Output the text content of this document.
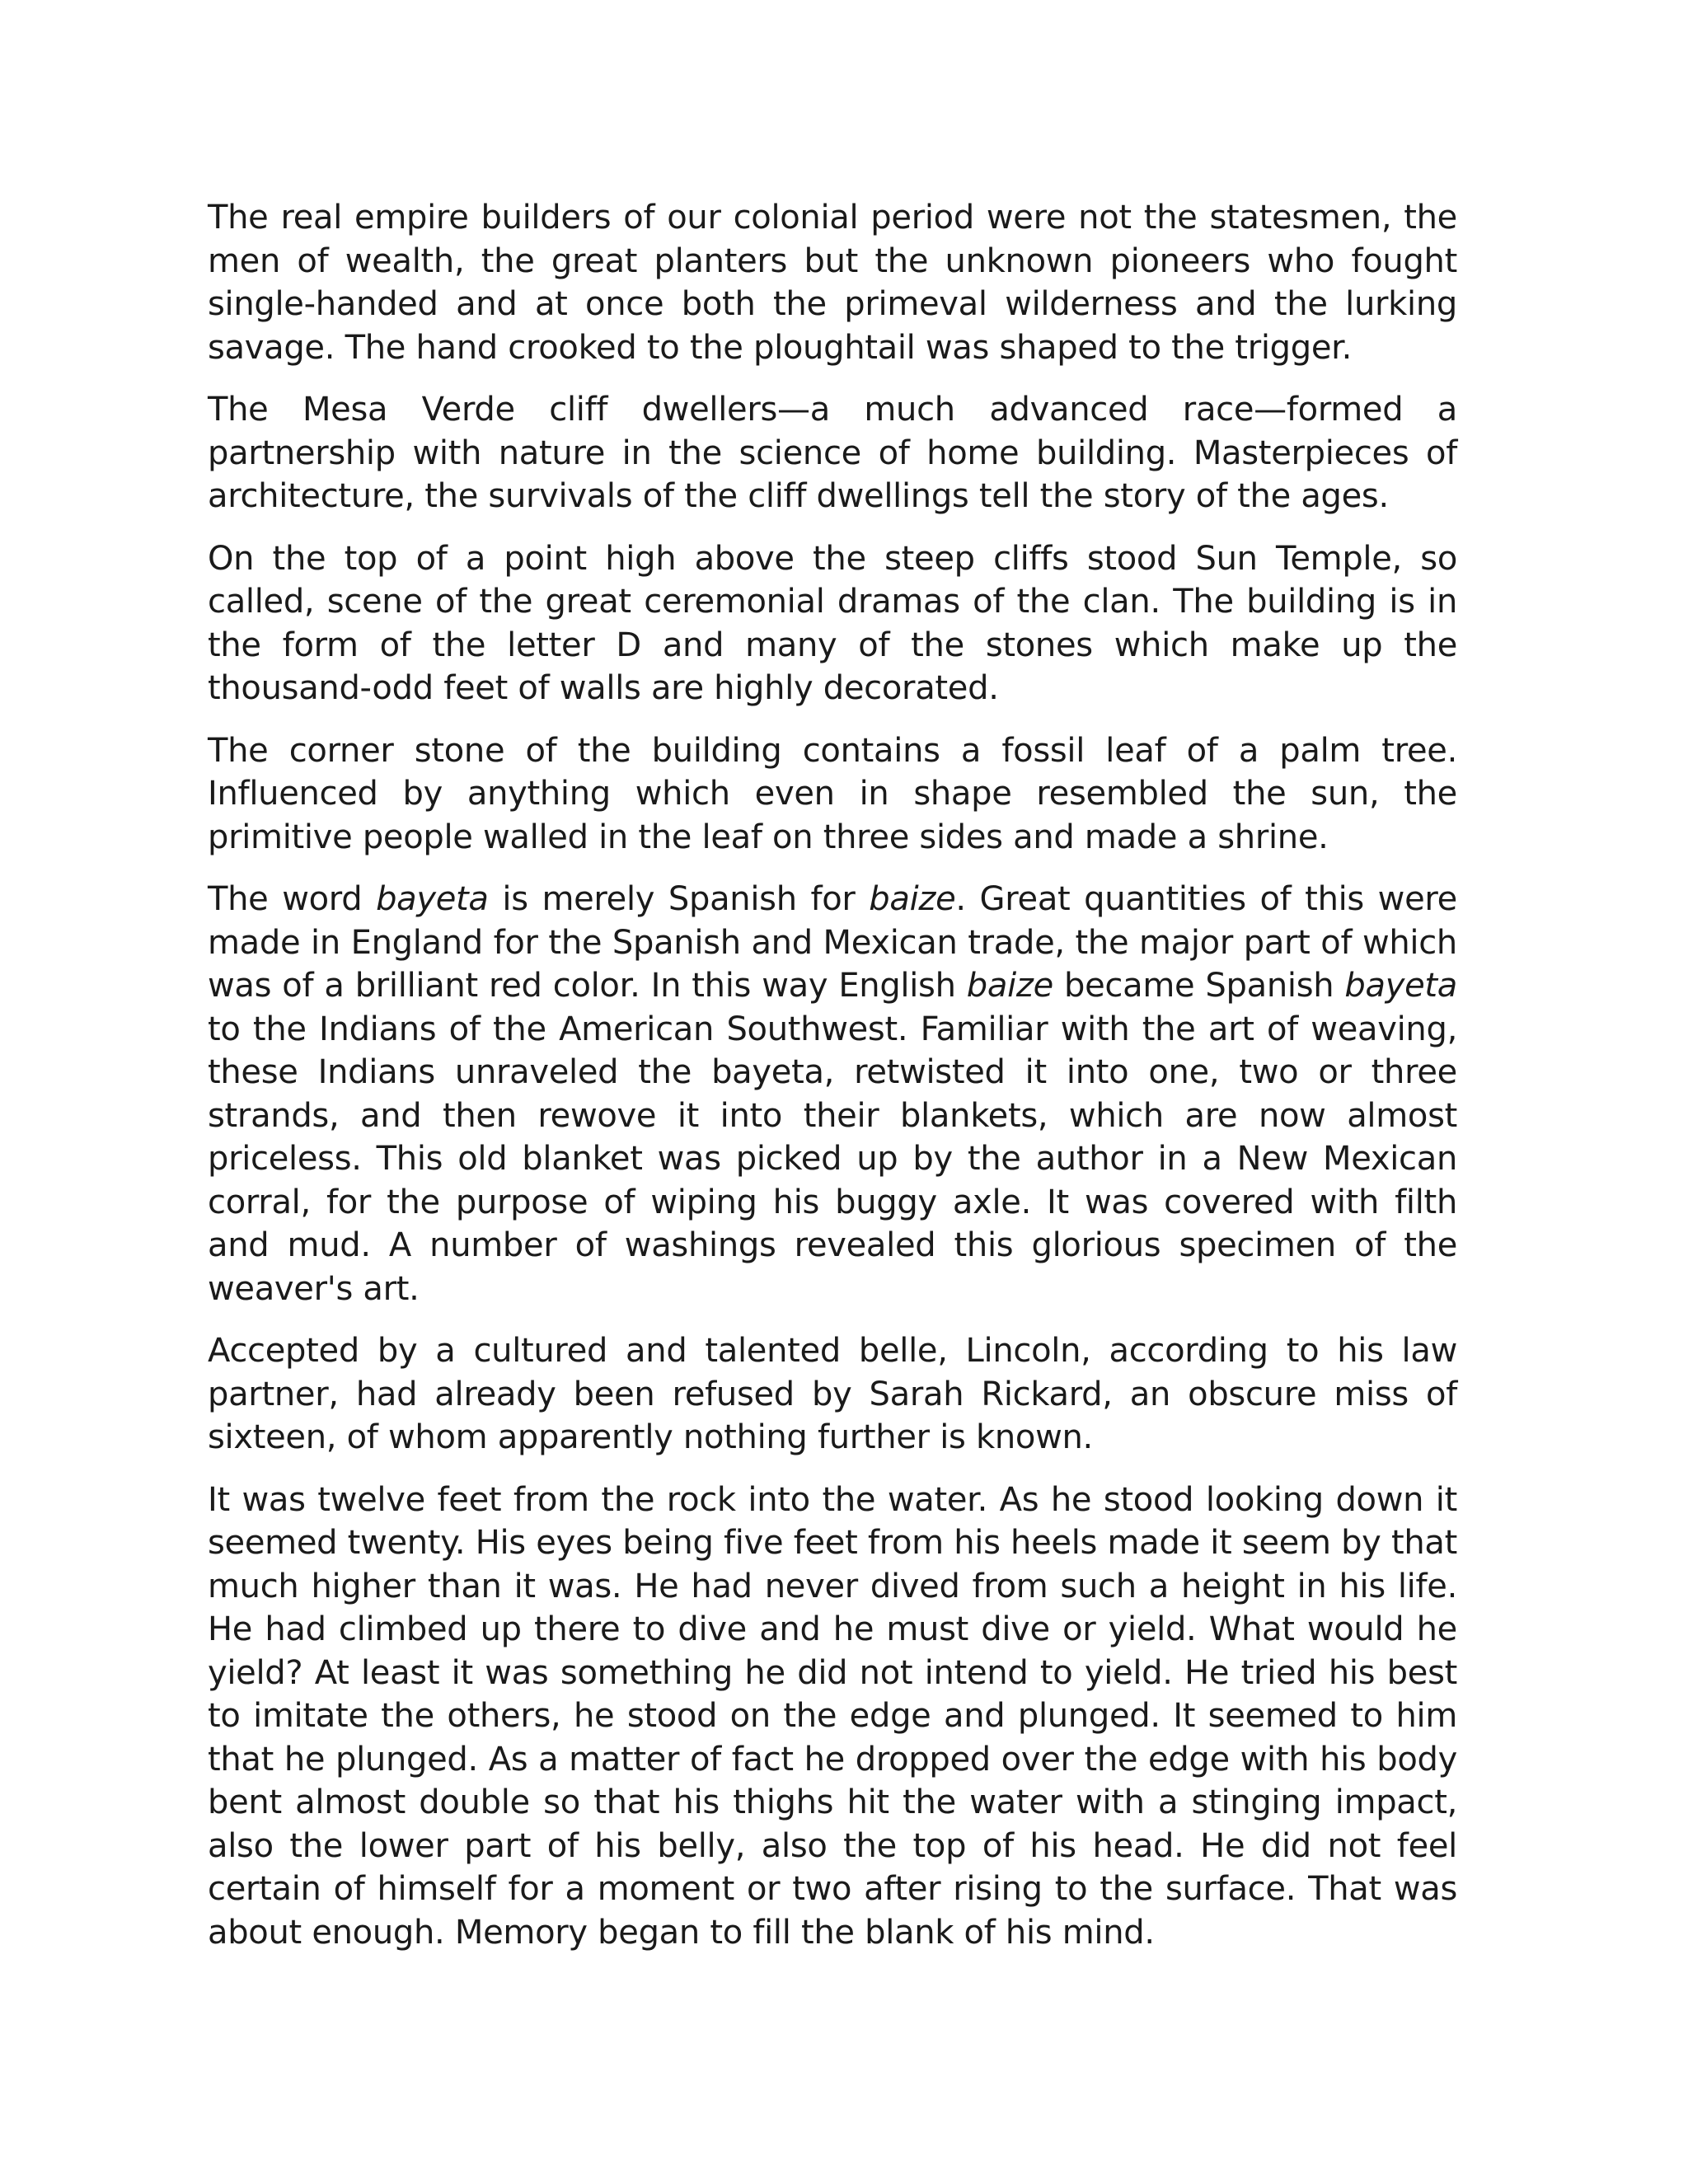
The real empire builders of our colonial period were not the statesmen, the men of wealth, the great planters but the unknown pioneers who fought single-handed and at once both the primeval wilderness and the lurking savage. The hand crooked to the ploughtail was shaped to the trigger.

The Mesa Verde cliff dwellers—a much advanced race—formed a partnership with nature in the science of home building. Masterpieces of architecture, the survivals of the cliff dwellings tell the story of the ages.

On the top of a point high above the steep cliffs stood Sun Temple, so called, scene of the great ceremonial dramas of the clan. The building is in the form of the letter D and many of the stones which make up the thousand-odd feet of walls are highly decorated.

The corner stone of the building contains a fossil leaf of a palm tree. Influenced by anything which even in shape resembled the sun, the primitive people walled in the leaf on three sides and made a shrine.

The word bayeta is merely Spanish for baize. Great quantities of this were made in England for the Spanish and Mexican trade, the major part of which was of a brilliant red color. In this way English baize became Spanish bayeta to the Indians of the American Southwest. Familiar with the art of weaving, these Indians unraveled the bayeta, retwisted it into one, two or three strands, and then rewove it into their blankets, which are now almost priceless. This old blanket was picked up by the author in a New Mexican corral, for the purpose of wiping his buggy axle. It was covered with filth and mud. A number of washings revealed this glorious specimen of the weaver's art.

Accepted by a cultured and talented belle, Lincoln, according to his law partner, had already been refused by Sarah Rickard, an obscure miss of sixteen, of whom apparently nothing further is known.

It was twelve feet from the rock into the water. As he stood looking down it seemed twenty. His eyes being five feet from his heels made it seem by that much higher than it was. He had never dived from such a height in his life. He had climbed up there to dive and he must dive or yield. What would he yield? At least it was something he did not intend to yield. He tried his best to imitate the others, he stood on the edge and plunged. It seemed to him that he plunged. As a matter of fact he dropped over the edge with his body bent almost double so that his thighs hit the water with a stinging impact, also the lower part of his belly, also the top of his head. He did not feel certain of himself for a moment or two after rising to the surface. That was about enough. Memory began to fill the blank of his mind.
